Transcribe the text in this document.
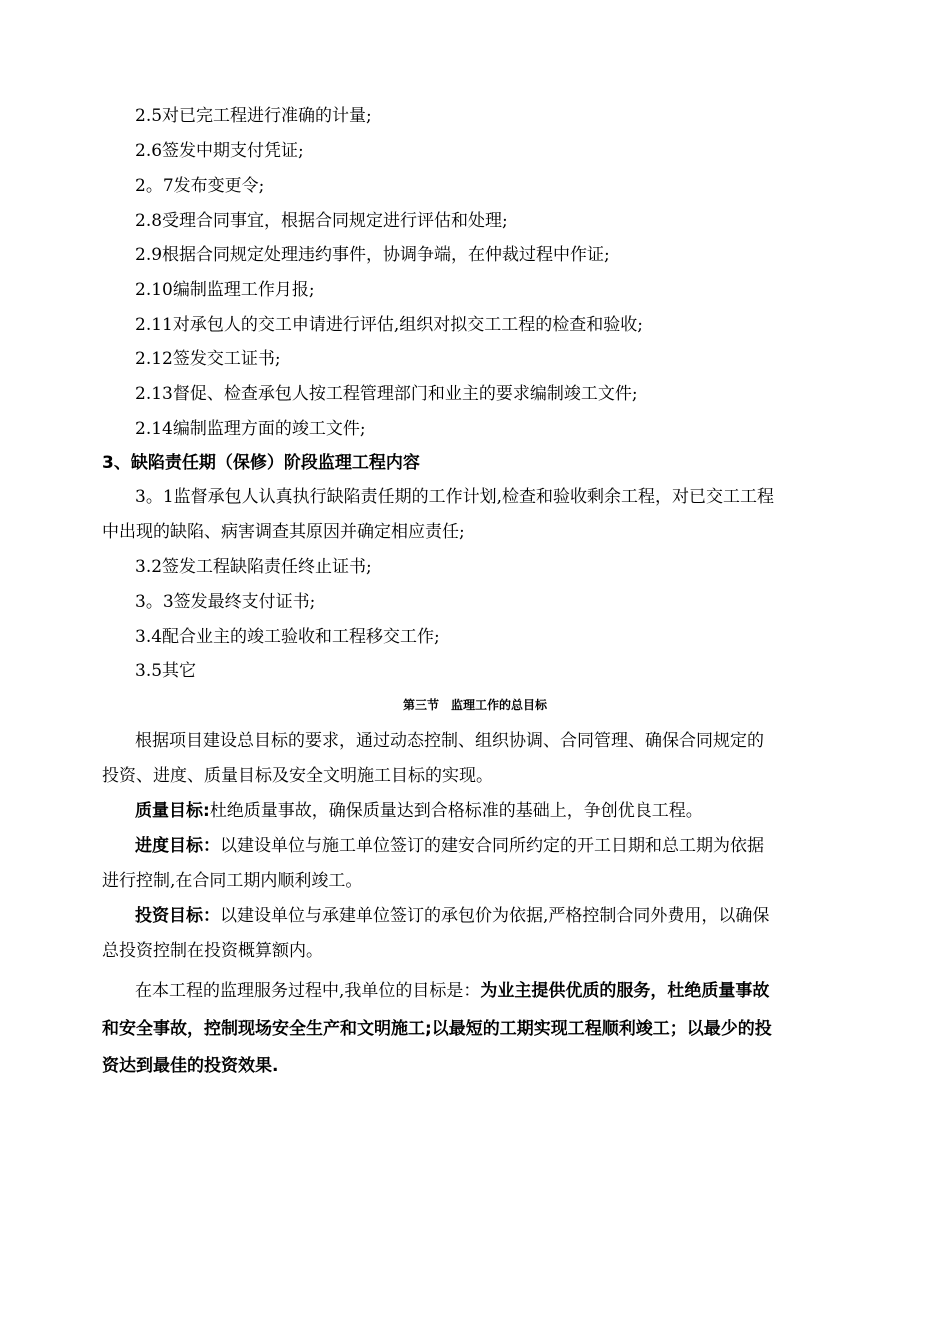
2.5对已完工程进行准确的计量;
2.6签发中期支付凭证;
2。7发布变更令;
2.8受理合同事宜，根据合同规定进行评估和处理;
2.9根据合同规定处理违约事件，协调争端，在仲裁过程中作证;
2.10编制监理工作月报;
2.11对承包人的交工申请进行评估,组织对拟交工工程的检查和验收;
2.12签发交工证书;
2.13督促、检查承包人按工程管理部门和业主的要求编制竣工文件;
2.14编制监理方面的竣工文件;
3、缺陷责任期（保修）阶段监理工程内容
3。1监督承包人认真执行缺陷责任期的工作计划,检查和验收剩余工程，对已交工工程
中出现的缺陷、病害调查其原因并确定相应责任;
3.2签发工程缺陷责任终止证书;
3。3签发最终支付证书;
3.4配合业主的竣工验收和工程移交工作;
3.5其它
第三节　监理工作的总目标
根据项目建设总目标的要求，通过动态控制、组织协调、合同管理、确保合同规定的
投资、进度、质量目标及安全文明施工目标的实现。
质量目标:杜绝质量事故，确保质量达到合格标准的基础上，争创优良工程。
进度目标：以建设单位与施工单位签订的建安合同所约定的开工日期和总工期为依据
进行控制,在合同工期内顺利竣工。
投资目标：以建设单位与承建单位签订的承包价为依据,严格控制合同外费用，以确保
总投资控制在投资概算额内。
在本工程的监理服务过程中,我单位的目标是：为业主提供优质的服务，杜绝质量事故
和安全事故，控制现场安全生产和文明施工;以最短的工期实现工程顺利竣工；以最少的投
资达到最佳的投资效果.
